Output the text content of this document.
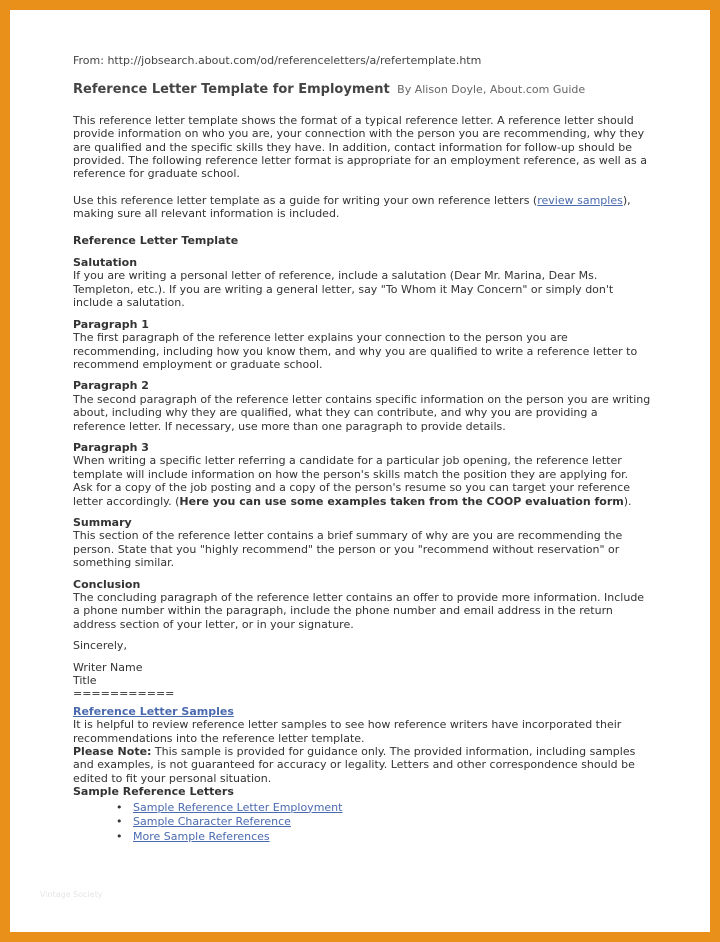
From: http://jobsearch.about.com/od/referenceletters/a/refertemplate.htm

Reference Letter Template for Employment By Alison Doyle, About.com Guide

This reference letter template shows the format of a typical reference letter. A reference letter should provide information on who you are, your connection with the person you are recommending, why they are qualified and the specific skills they have. In addition, contact information for follow-up should be provided. The following reference letter format is appropriate for an employment reference, as well as a reference for graduate school.

Use this reference letter template as a guide for writing your own reference letters (review samples), making sure all relevant information is included.

Reference Letter Template

Salutation

If you are writing a personal letter of reference, include a salutation (Dear Mr. Marina, Dear Ms. Templeton, etc.). If you are writing a general letter, say "To Whom it May Concern" or simply don't include a salutation.

Paragraph 1

The first paragraph of the reference letter explains your connection to the person you are recommending, including how you know them, and why you are qualified to write a reference letter to recommend employment or graduate school.

Paragraph 2

The second paragraph of the reference letter contains specific information on the person you are writing about, including why they are qualified, what they can contribute, and why you are providing a reference letter. If necessary, use more than one paragraph to provide details.

Paragraph 3

When writing a specific letter referring a candidate for a particular job opening, the reference letter template will include information on how the person's skills match the position they are applying for. Ask for a copy of the job posting and a copy of the person's resume so you can target your reference letter accordingly. (Here you can use some examples taken from the COOP evaluation form).

Summary

This section of the reference letter contains a brief summary of why are you are recommending the person. State that you "highly recommend" the person or you "recommend without reservation" or something similar.

Conclusion

The concluding paragraph of the reference letter contains an offer to provide more information. Include a phone number within the paragraph, include the phone number and email address in the return address section of your letter, or in your signature.

Sincerely,

Writer Name

Title

===========

Reference Letter Samples

It is helpful to review reference letter samples to see how reference writers have incorporated their recommendations into the reference letter template.

Please Note: This sample is provided for guidance only. The provided information, including samples and examples, is not guaranteed for accuracy or legality. Letters and other correspondence should be edited to fit your personal situation.

Sample Reference Letters

• Sample Reference Letter Employment
• Sample Character Reference
• More Sample References
Vintage Society
